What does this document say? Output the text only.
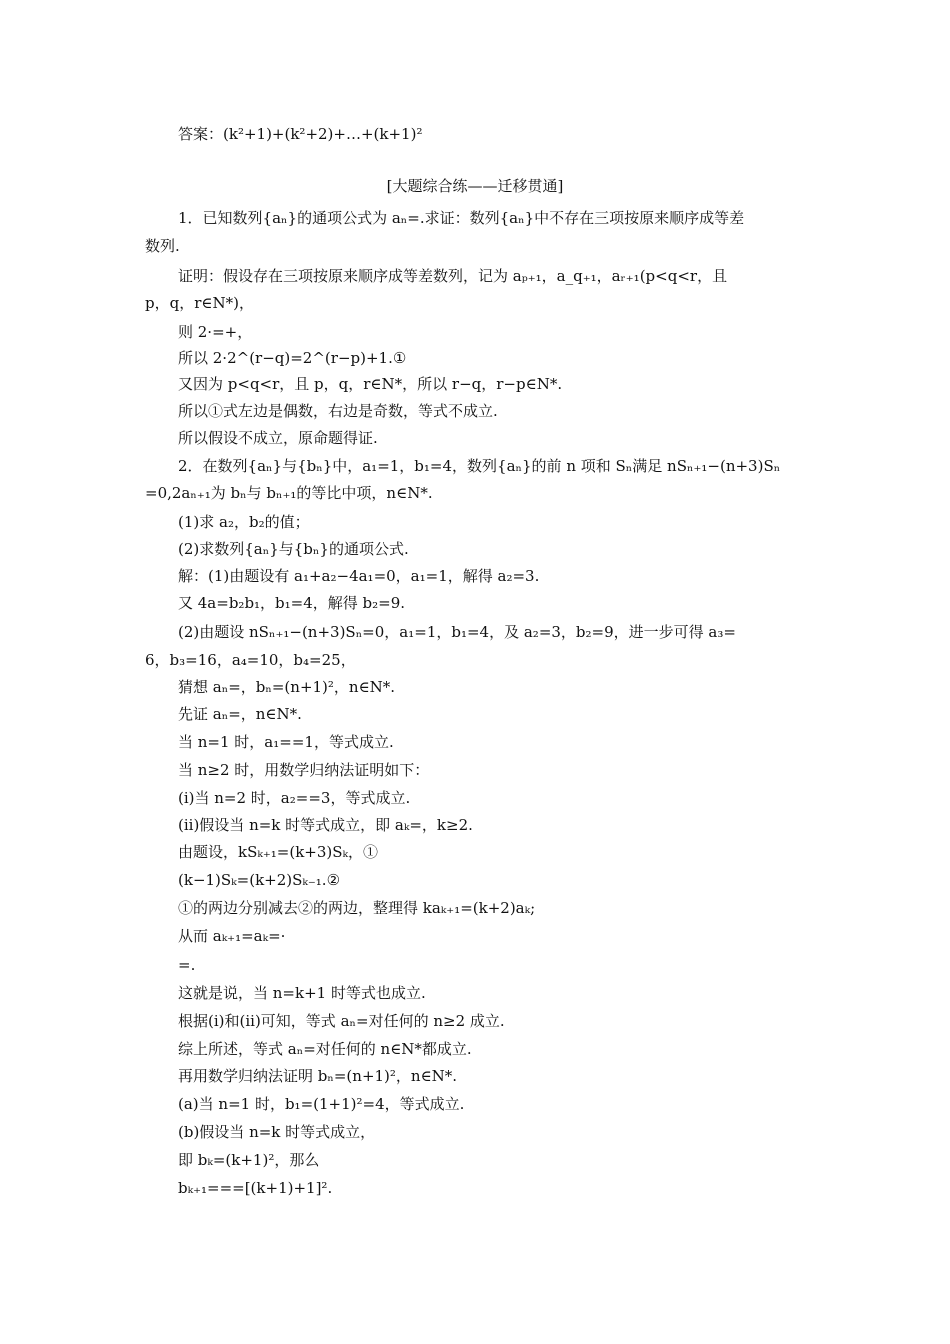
答案：(k²+1)+(k²+2)+…+(k+1)²
[大题综合练——迁移贯通]
1．已知数列{aₙ}的通项公式为 aₙ=.求证：数列{aₙ}中不存在三项按原来顺序成等差
数列.
证明：假设存在三项按原来顺序成等差数列，记为 aₚ₊₁，a_q₊₁，aᵣ₊₁(p<q<r，且
p，q，r∈N*)，
则 2·=+，
所以 2·2^(r−q)=2^(r−p)+1.①
又因为 p<q<r，且 p，q，r∈N*，所以 r−q，r−p∈N*.
所以①式左边是偶数，右边是奇数，等式不成立.
所以假设不成立，原命题得证.
2．在数列{aₙ}与{bₙ}中，a₁=1，b₁=4，数列{aₙ}的前 n 项和 Sₙ满足 nSₙ₊₁−(n+3)Sₙ
=0,2aₙ₊₁为 bₙ与 bₙ₊₁的等比中项，n∈N*.
(1)求 a₂，b₂的值；
(2)求数列{aₙ}与{bₙ}的通项公式.
解：(1)由题设有 a₁+a₂−4a₁=0，a₁=1，解得 a₂=3.
又 4a=b₂b₁，b₁=4，解得 b₂=9.
(2)由题设 nSₙ₊₁−(n+3)Sₙ=0，a₁=1，b₁=4，及 a₂=3，b₂=9，进一步可得 a₃=
6，b₃=16，a₄=10，b₄=25，
猜想 aₙ=，bₙ=(n+1)²，n∈N*.
先证 aₙ=，n∈N*.
当 n=1 时，a₁==1，等式成立.
当 n≥2 时，用数学归纳法证明如下：
(i)当 n=2 时，a₂==3，等式成立.
(ii)假设当 n=k 时等式成立，即 aₖ=，k≥2.
由题设，kSₖ₊₁=(k+3)Sₖ，①
(k−1)Sₖ=(k+2)Sₖ₋₁.②
①的两边分别减去②的两边，整理得 kaₖ₊₁=(k+2)aₖ;
从而 aₖ₊₁=aₖ=·
=.
这就是说，当 n=k+1 时等式也成立.
根据(i)和(ii)可知，等式 aₙ=对任何的 n≥2 成立.
综上所述，等式 aₙ=对任何的 n∈N*都成立.
再用数学归纳法证明 bₙ=(n+1)²，n∈N*.
(a)当 n=1 时，b₁=(1+1)²=4，等式成立.
(b)假设当 n=k 时等式成立，
即 bₖ=(k+1)²，那么
bₖ₊₁===[(k+1)+1]².
